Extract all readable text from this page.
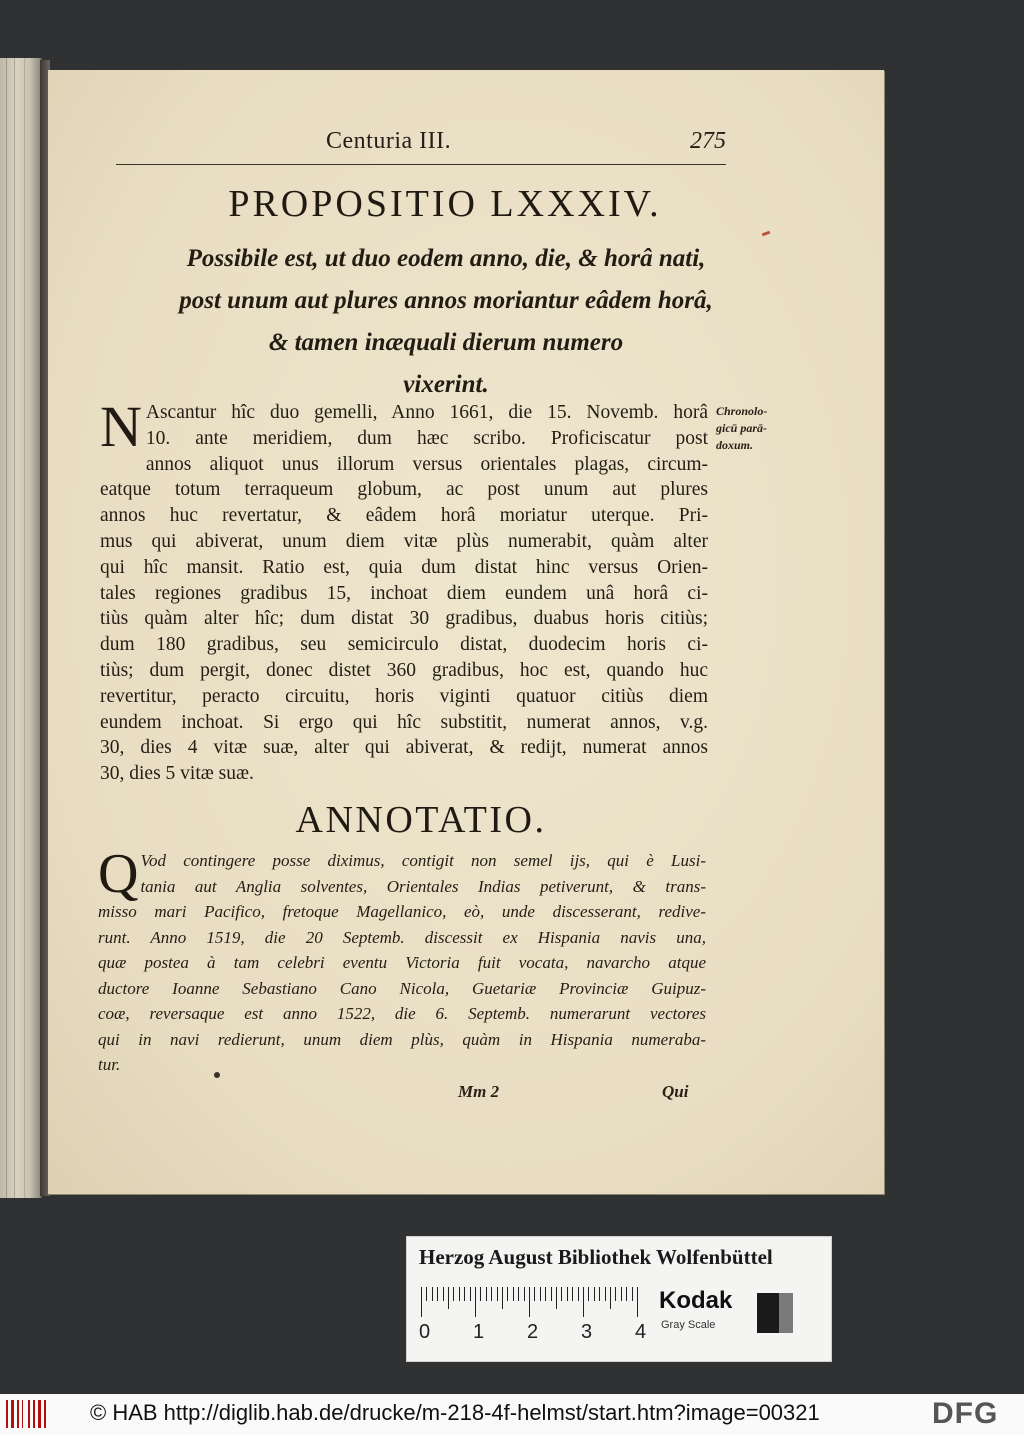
Centuria III.	275
PROPOSITIO LXXXIV.
Possibile est, ut duo eodem anno, die, & horâ nati,
post unum aut plures annos moriantur eâdem horâ,
& tamen inæquali dierum numero
vixerint.
N Ascantur hîc duo gemelli, Anno 1661, die 15. Novemb. horâ
10. ante meridiem, dum hæc scribo. Proficiscatur post
annos aliquot unus illorum versus orientales plagas, circum-
eatque totum terraqueum globum, ac post unum aut plures
annos huc revertatur, & eâdem horâ moriatur uterque. Pri-
mus qui abiverat, unum diem vitæ plùs numerabit, quàm alter
qui hîc mansit. Ratio est, quia dum distat hinc versus Orien-
tales regiones gradibus 15, inchoat diem eundem unâ horâ ci-
tiùs quàm alter hîc; dum distat 30 gradibus, duabus horis citiùs;
dum 180 gradibus, seu semicirculo distat, duodecim horis ci-
tiùs; dum pergit, donec distet 360 gradibus, hoc est, quando huc
revertitur, peracto circuitu, horis viginti quatuor citiùs diem
eundem inchoat. Si ergo qui hîc substitit, numerat annos, v.g.
30, dies 4 vitæ suæ, alter qui abiverat, & redijt, numerat annos
30, dies 5 vitæ suæ.
Chronolo-
gicū parā-
doxum.
ANNOTATIO.
Q Vod contingere posse diximus, contigit non semel ijs, qui è Lusi-
tania aut Anglia solventes, Orientales Indias petiverunt, & trans-
misso mari Pacifico, fretoque Magellanico, eò, unde discesserant, redive-
runt. Anno 1519, die 20 Septemb. discessit ex Hispania navis una,
quæ postea à tam celebri eventu Victoria fuit vocata, navarcho atque
ductore Ioanne Sebastiano Cano Nicola, Guetariæ Provinciæ Guipuz-
coæ, reversaque est anno 1522, die 6. Septemb. numerarunt vectores
qui in navi redierunt, unum diem plùs, quàm in Hispania numeraba-
tur.
Mm 2	Qui
Herzog August Bibliothek Wolfenbüttel
0 1 2 3 4
Kodak
Gray Scale
© HAB http://diglib.hab.de/drucke/m-218-4f-helmst/start.htm?image=00321	DFG
